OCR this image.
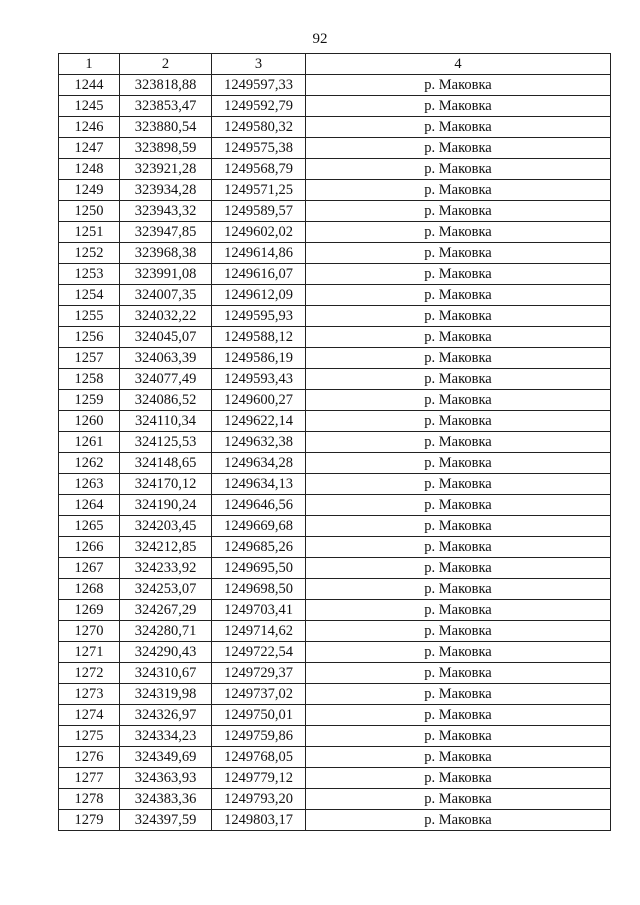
92
1	2	3	4
1244	323818,88	1249597,33	р. Маковка
1245	323853,47	1249592,79	р. Маковка
1246	323880,54	1249580,32	р. Маковка
1247	323898,59	1249575,38	р. Маковка
1248	323921,28	1249568,79	р. Маковка
1249	323934,28	1249571,25	р. Маковка
1250	323943,32	1249589,57	р. Маковка
1251	323947,85	1249602,02	р. Маковка
1252	323968,38	1249614,86	р. Маковка
1253	323991,08	1249616,07	р. Маковка
1254	324007,35	1249612,09	р. Маковка
1255	324032,22	1249595,93	р. Маковка
1256	324045,07	1249588,12	р. Маковка
1257	324063,39	1249586,19	р. Маковка
1258	324077,49	1249593,43	р. Маковка
1259	324086,52	1249600,27	р. Маковка
1260	324110,34	1249622,14	р. Маковка
1261	324125,53	1249632,38	р. Маковка
1262	324148,65	1249634,28	р. Маковка
1263	324170,12	1249634,13	р. Маковка
1264	324190,24	1249646,56	р. Маковка
1265	324203,45	1249669,68	р. Маковка
1266	324212,85	1249685,26	р. Маковка
1267	324233,92	1249695,50	р. Маковка
1268	324253,07	1249698,50	р. Маковка
1269	324267,29	1249703,41	р. Маковка
1270	324280,71	1249714,62	р. Маковка
1271	324290,43	1249722,54	р. Маковка
1272	324310,67	1249729,37	р. Маковка
1273	324319,98	1249737,02	р. Маковка
1274	324326,97	1249750,01	р. Маковка
1275	324334,23	1249759,86	р. Маковка
1276	324349,69	1249768,05	р. Маковка
1277	324363,93	1249779,12	р. Маковка
1278	324383,36	1249793,20	р. Маковка
1279	324397,59	1249803,17	р. Маковка
